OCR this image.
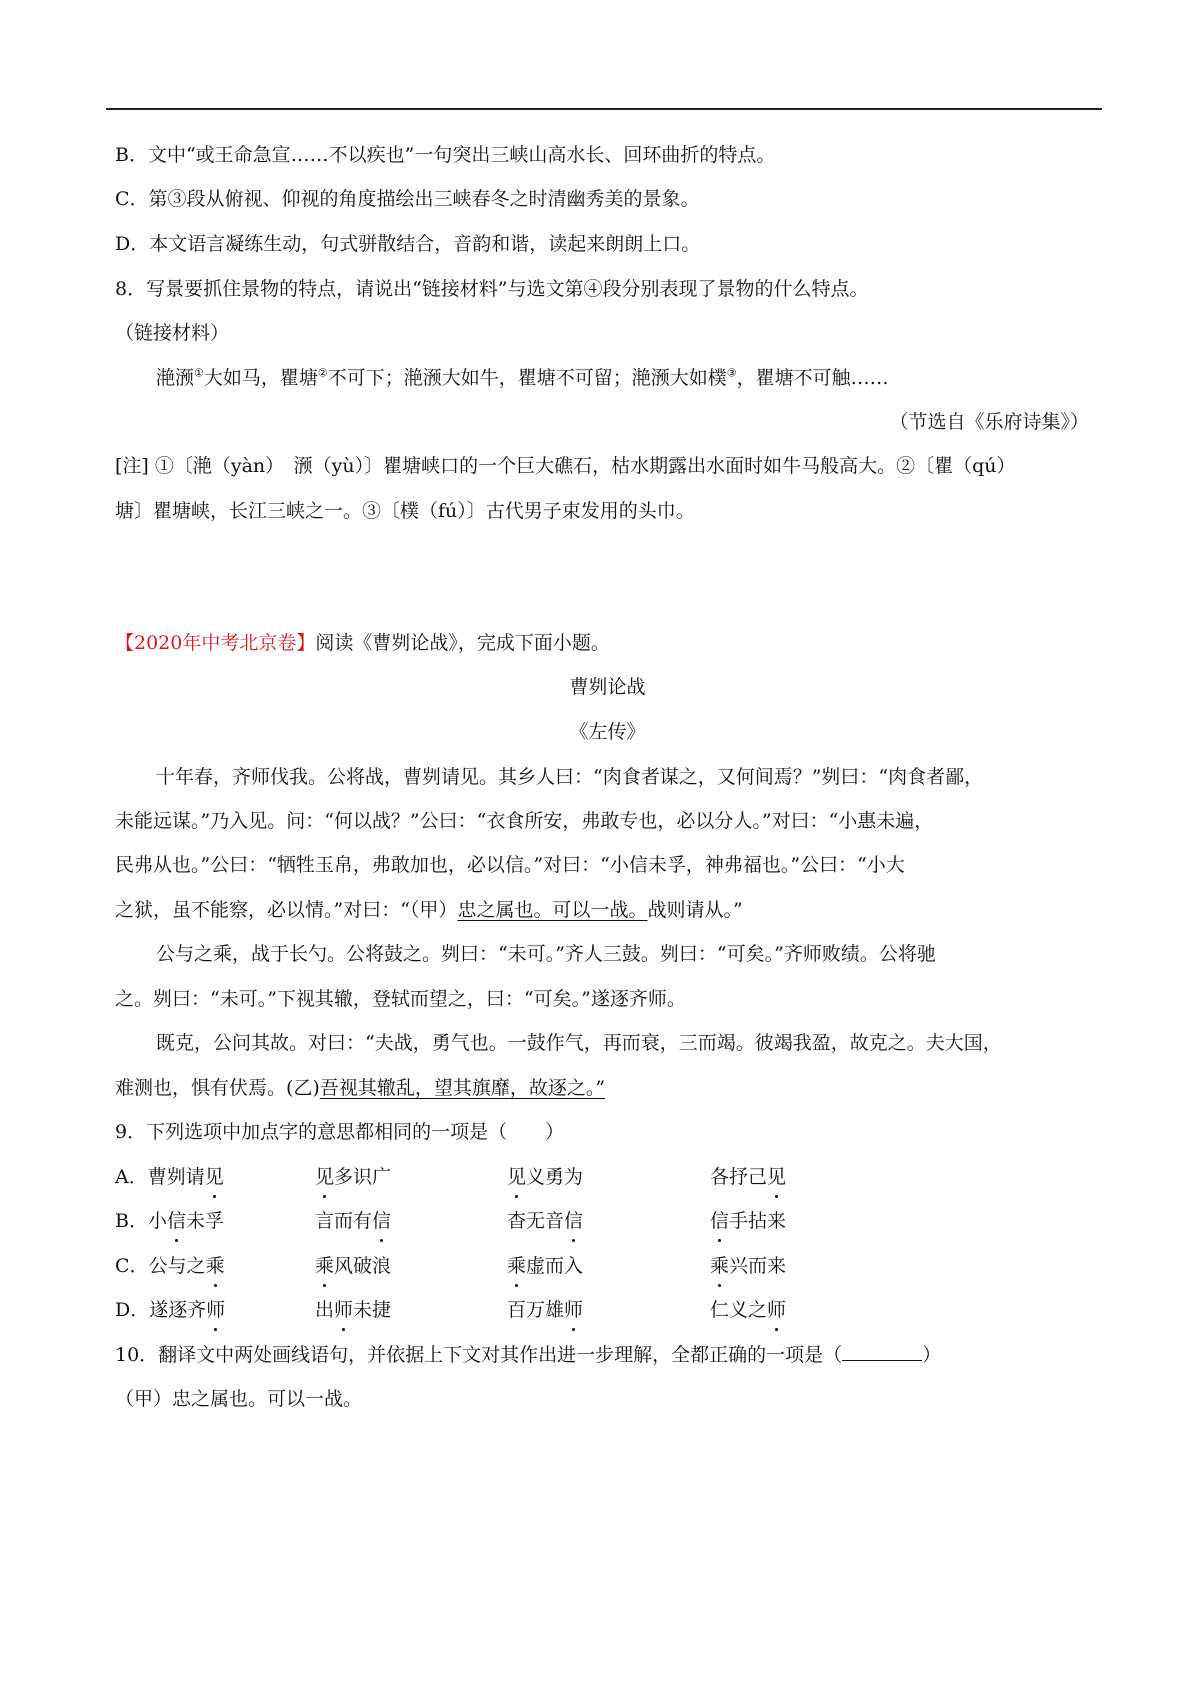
B．文中“或王命急宣……不以疾也”一句突出三峡山高水长、回环曲折的特点。
C．第③段从俯视、仰视的角度描绘出三峡春冬之时清幽秀美的景象。
D．本文语言凝练生动，句式骈散结合，音韵和谐，读起来朗朗上口。
8．写景要抓住景物的特点，请说出“链接材料”与选文第④段分别表现了景物的什么特点。
（链接材料）
滟滪①大如马，瞿塘②不可下；滟滪大如牛，瞿塘不可留；滟滪大如樸③，瞿塘不可触……
（节选自《乐府诗集》）
[注] ①〔滟（yàn）　滪（yù）〕瞿塘峡口的一个巨大礁石，枯水期露出水面时如牛马般高大。②〔瞿（qú）
塘〕瞿塘峡，长江三峡之一。③〔樸（fú）〕古代男子束发用的头巾。
【2020年中考北京卷】阅读《曹刿论战》，完成下面小题。
曹刿论战
《左传》
十年春，齐师伐我。公将战，曹刿请见。其乡人曰：“肉食者谋之，又何间焉？”刿曰：“肉食者鄙，
未能远谋。”乃入见。问：“何以战？”公曰：“衣食所安，弗敢专也，必以分人。”对曰：“小惠未遍，
民弗从也。”公曰：“牺牲玉帛，弗敢加也，必以信。”对曰：“小信未孚，神弗福也。”公曰：“小大
之狱，虽不能察，必以情。”对曰：“（甲）忠之属也。可以一战。战则请从。”
公与之乘，战于长勺。公将鼓之。刿曰：“未可。”齐人三鼓。刿曰：“可矣。”齐师败绩。公将驰
之。刿曰：“未可。”下视其辙，登轼而望之，曰：“可矣。”遂逐齐师。
既克，公问其故。对曰：“夫战，勇气也。一鼓作气，再而衰，三而竭。彼竭我盈，故克之。夫大国，
难测也，惧有伏焉。(乙)吾视其辙乱，望其旗靡，故逐之。”
9．下列选项中加点字的意思都相同的一项是（　　）
A．曹刿请见	见多识广	见义勇为	各抒己见
B．小信未孚	言而有信	杳无音信	信手拈来
C．公与之乘	乘风破浪	乘虚而入	乘兴而来
D．遂逐齐师	出师未捷	百万雄师	仁义之师
10．翻译文中两处画线语句，并依据上下文对其作出进一步理解，全都正确的一项是（	）
（甲）忠之属也。可以一战。
